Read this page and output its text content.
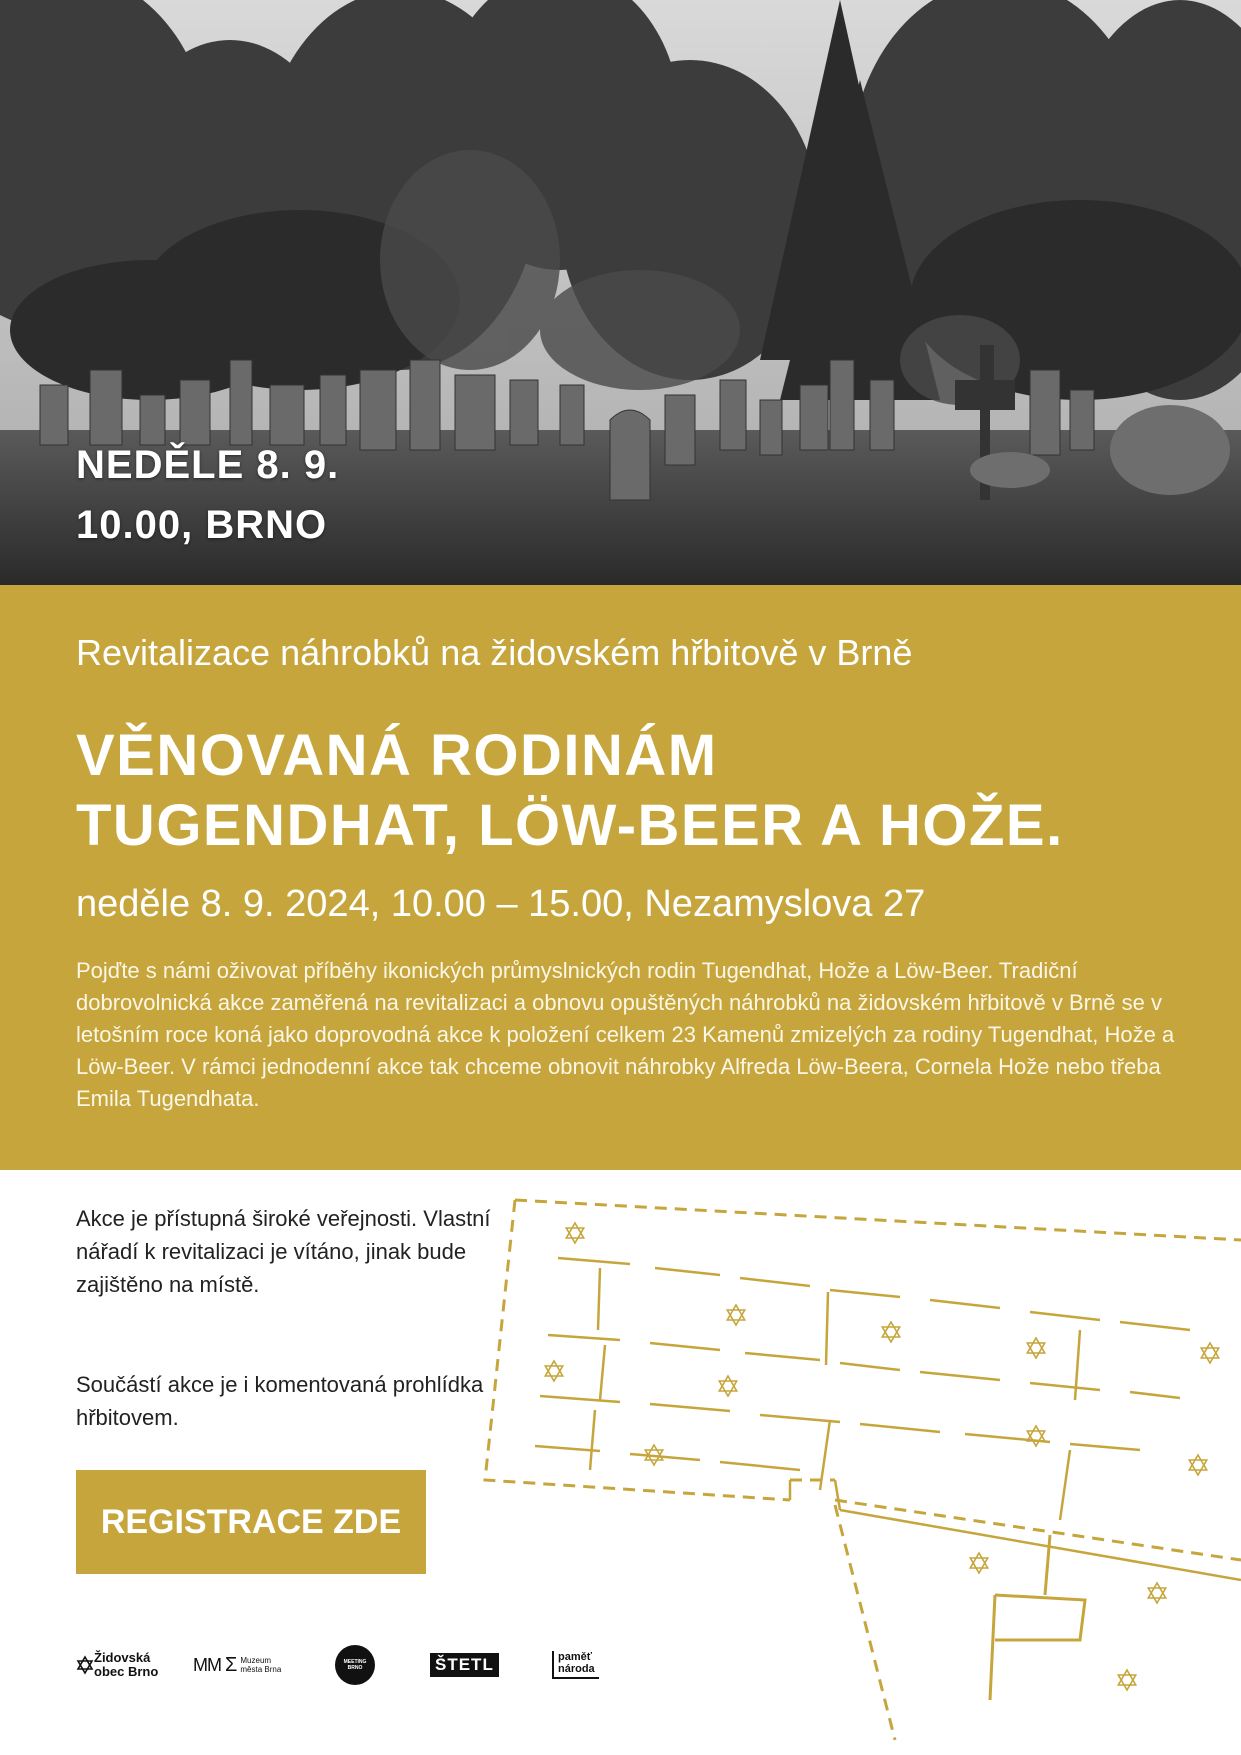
NEDĚLE 8. 9.
10.00, BRNO
Revitalizace náhrobků na židovském hřbitově v Brně
VĚNOVANÁ RODINÁM
TUGENDHAT, LÖW-BEER A HOŽE.
neděle 8. 9. 2024, 10.00 – 15.00, Nezamyslova 27

Pojďte s námi oživovat příběhy ikonických průmyslnických rodin Tugendhat, Hože a Löw-Beer. Tradiční dobrovolnická akce zaměřená na revitalizaci a obnovu opuštěných náhrobků na židovském hřbitově v Brně se v letošním roce koná jako doprovodná akce k položení celkem 23 Kamenů zmizelých za rodiny Tugendhat, Hože a Löw-Beer. V rámci jednodenní akce tak chceme obnovit náhrobky Alfreda Löw-Beera, Cornela Hože nebo třeba Emila Tugendhata.

Akce je přístupná široké veřejnosti. Vlastní nářadí k revitalizaci je vítáno, jinak bude zajištěno na místě.

Součástí akce je i komentovaná prohlídka hřbitovem.

REGISTRACE ZDE
Židovská
obec Brno MM Σ Muzeum
města Brna
MEETING
BRNO	ŠTETL	paměť
národa
